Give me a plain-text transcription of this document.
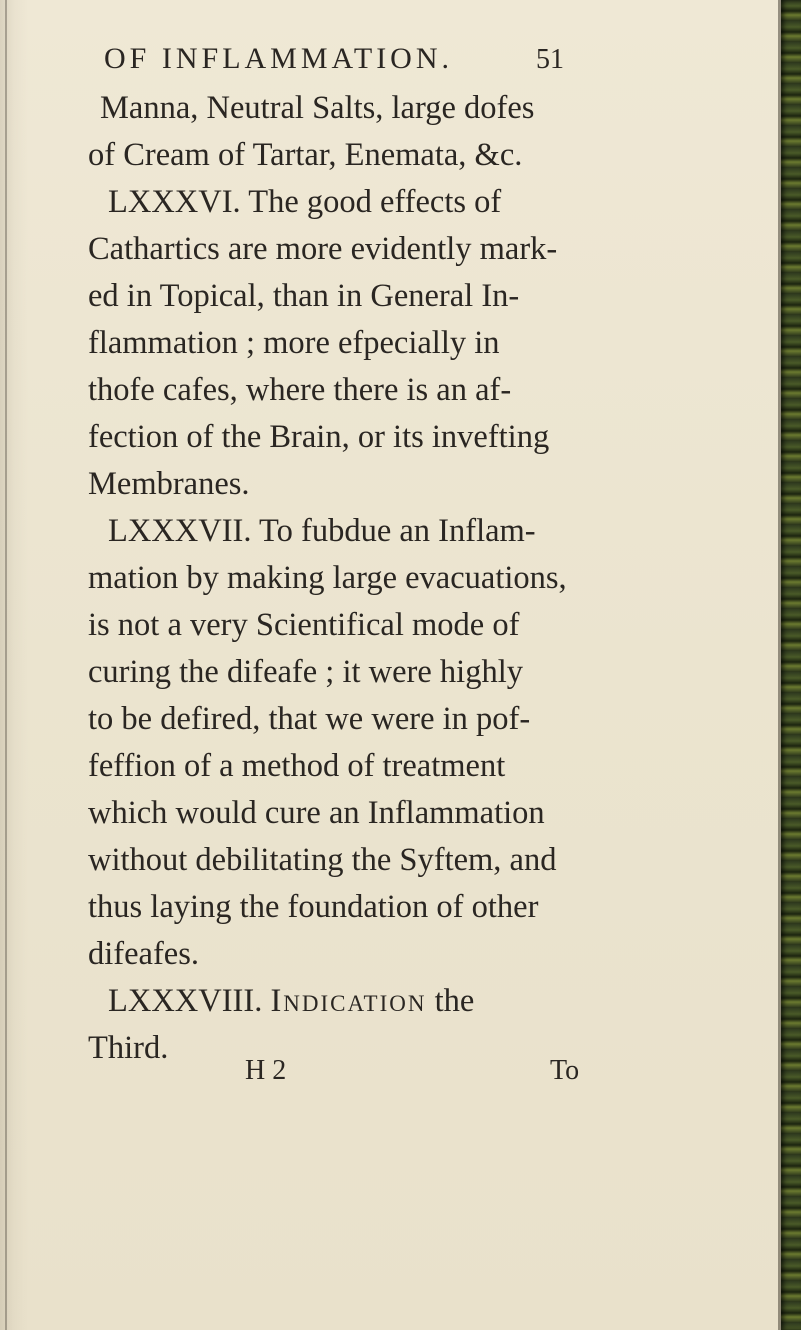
OF INFLAMMATION.	51
Manna, Neutral Salts, large dofes
of Cream of Tartar, Enemata, &c.
LXXXVI. The good effects of
Cathartics are more evidently mark-
ed in Topical, than in General In-
flammation ; more efpecially in
thofe cafes, where there is an af-
fection of the Brain, or its invefting
Membranes.
LXXXVII. To fubdue an Inflam-
mation by making large evacuations,
is not a very Scientifical mode of
curing the difeafe ; it were highly
to be defired, that we were in pof-
feffion of a method of treatment
which would cure an Inflammation
without debilitating the Syftem, and
thus laying the foundation of other
difeafes.
LXXXVIII. Indication the
Third.
H 2	To
